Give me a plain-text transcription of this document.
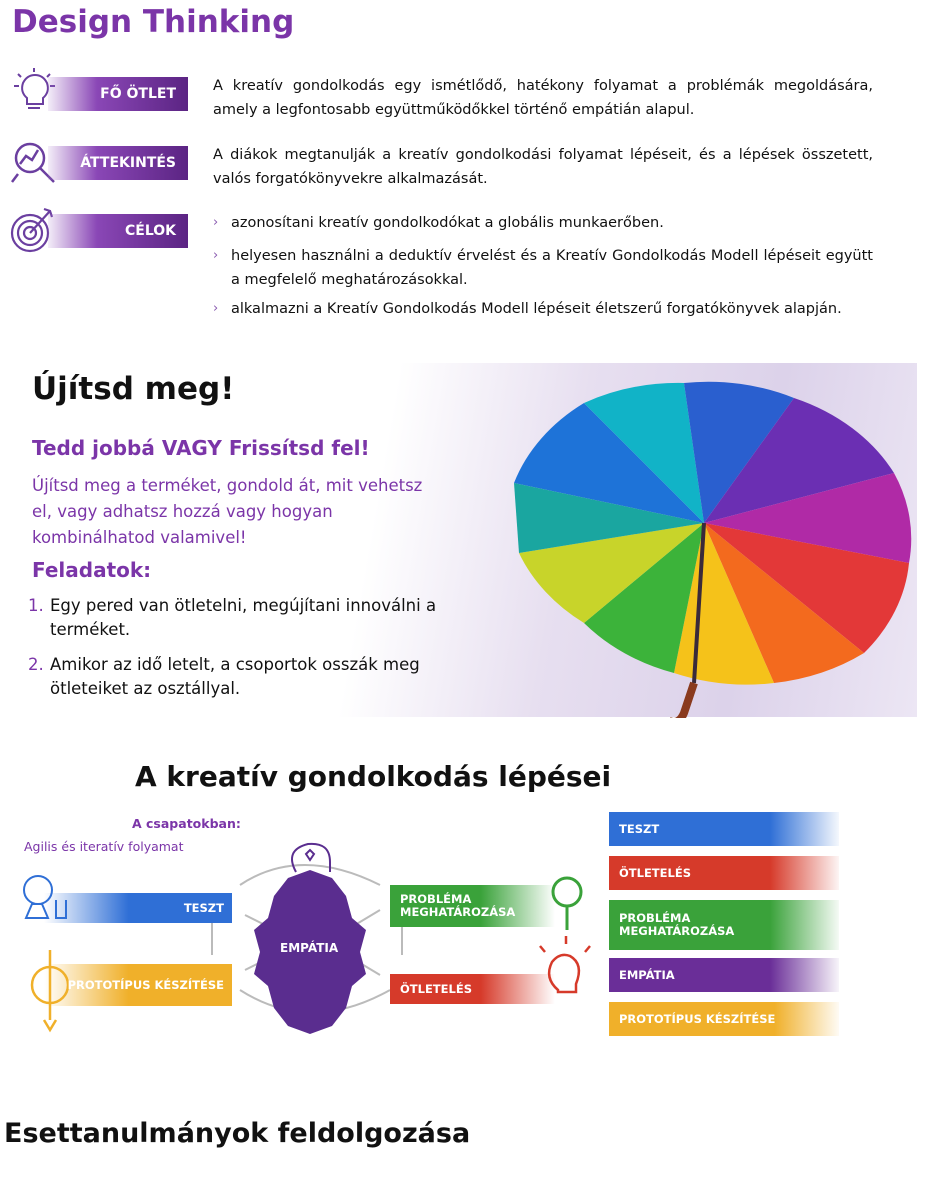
Design Thinking
FŐ ÖTLET	A kreatív gondolkodás egy ismétlődő, hatékony folyamat a problémák megoldására, amely a legfontosabb együttműködőkkel történő empátián alapul.
ÁTTEKINTÉS	A diákok megtanulják a kreatív gondolkodási folyamat lépéseit, és a lépések összetett, valós forgatókönyvekre alkalmazását.
CÉLOK
› azonosítani kreatív gondolkodókat a globális munkaerőben.
› helyesen használni a deduktív érvelést és a Kreatív Gondolkodás Modell lépéseit együtt a megfelelő meghatározásokkal.
› alkalmazni a Kreatív Gondolkodás Modell lépéseit életszerű forgatókönyvek alapján.
Újítsd meg!
Tedd jobbá VAGY Frissítsd fel!
Újítsd meg a terméket, gondold át, mit vehetsz el, vagy adhatsz hozzá vagy hogyan kombinálhatod valamivel!
Feladatok:
1. Egy pered van ötletelni, megújítani innoválni a terméket.
2. Amikor az idő letelt, a csoportok osszák meg ötleteiket az osztállyal.
A kreatív gondolkodás lépései
A csapatokban:
Agilis és iteratív folyamat
TESZT
PROTOTÍPUS KÉSZÍTÉSE
EMPÁTIA
PROBLÉMA MEGHATÁROZÁSA
ÖTLETELÉS
TESZT
ÖTLETELÉS
PROBLÉMA MEGHATÁROZÁSA
EMPÁTIA
PROTOTÍPUS KÉSZÍTÉSE
Esettanulmányok feldolgozása
